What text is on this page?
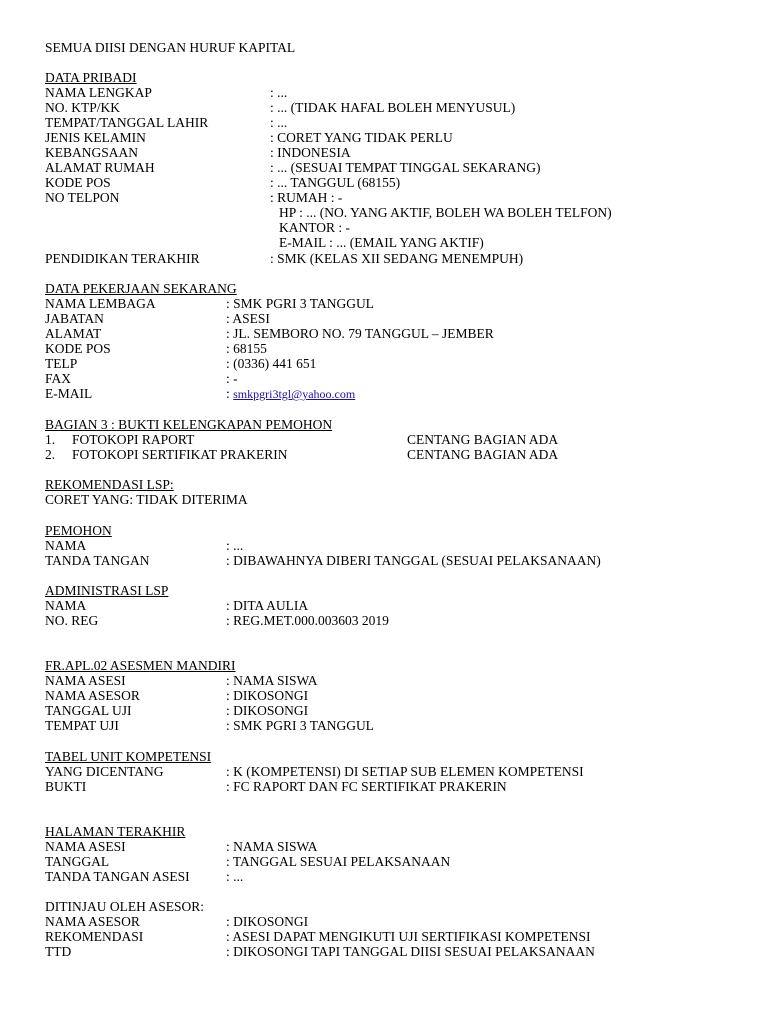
SEMUA DIISI DENGAN HURUF KAPITAL
DATA PRIBADI
NAMA LENGKAP	: ...
NO. KTP/KK	: ... (TIDAK HAFAL BOLEH MENYUSUL)
TEMPAT/TANGGAL LAHIR	: ...
JENIS KELAMIN	: CORET YANG TIDAK PERLU
KEBANGSAAN	: INDONESIA
ALAMAT RUMAH	: ... (SESUAI TEMPAT TINGGAL SEKARANG)
KODE POS	: ... TANGGUL (68155)
NO TELPON	: RUMAH : -
HP : ... (NO. YANG AKTIF, BOLEH WA BOLEH TELFON)
KANTOR : -
E-MAIL : ... (EMAIL YANG AKTIF)
PENDIDIKAN TERAKHIR	: SMK (KELAS XII SEDANG MENEMPUH)
DATA PEKERJAAN SEKARANG
NAMA LEMBAGA	: SMK PGRI 3 TANGGUL
JABATAN	: ASESI
ALAMAT	: JL. SEMBORO NO. 79 TANGGUL – JEMBER
KODE POS	: 68155
TELP	: (0336) 441 651
FAX	: -
E-MAIL	: smkpgri3tgl@yahoo.com
BAGIAN 3 : BUKTI KELENGKAPAN PEMOHON
1. FOTOKOPI RAPORT	CENTANG BAGIAN ADA
2. FOTOKOPI SERTIFIKAT PRAKERIN	CENTANG BAGIAN ADA
REKOMENDASI LSP:
CORET YANG: TIDAK DITERIMA
PEMOHON
NAMA	: ...
TANDA TANGAN	: DIBAWAHNYA DIBERI TANGGAL (SESUAI PELAKSANAAN)
ADMINISTRASI LSP
NAMA	: DITA AULIA
NO. REG	: REG.MET.000.003603 2019
FR.APL.02 ASESMEN MANDIRI
NAMA ASESI	: NAMA SISWA
NAMA ASESOR	: DIKOSONGI
TANGGAL UJI	: DIKOSONGI
TEMPAT UJI	: SMK PGRI 3 TANGGUL
TABEL UNIT KOMPETENSI
YANG DICENTANG	: K (KOMPETENSI) DI SETIAP SUB ELEMEN KOMPETENSI
BUKTI	: FC RAPORT DAN FC SERTIFIKAT PRAKERIN
HALAMAN TERAKHIR
NAMA ASESI	: NAMA SISWA
TANGGAL	: TANGGAL SESUAI PELAKSANAAN
TANDA TANGAN ASESI	: ...
DITINJAU OLEH ASESOR:
NAMA ASESOR	: DIKOSONGI
REKOMENDASI	: ASESI DAPAT MENGIKUTI UJI SERTIFIKASI KOMPETENSI
TTD	: DIKOSONGI TAPI TANGGAL DIISI SESUAI PELAKSANAAN
